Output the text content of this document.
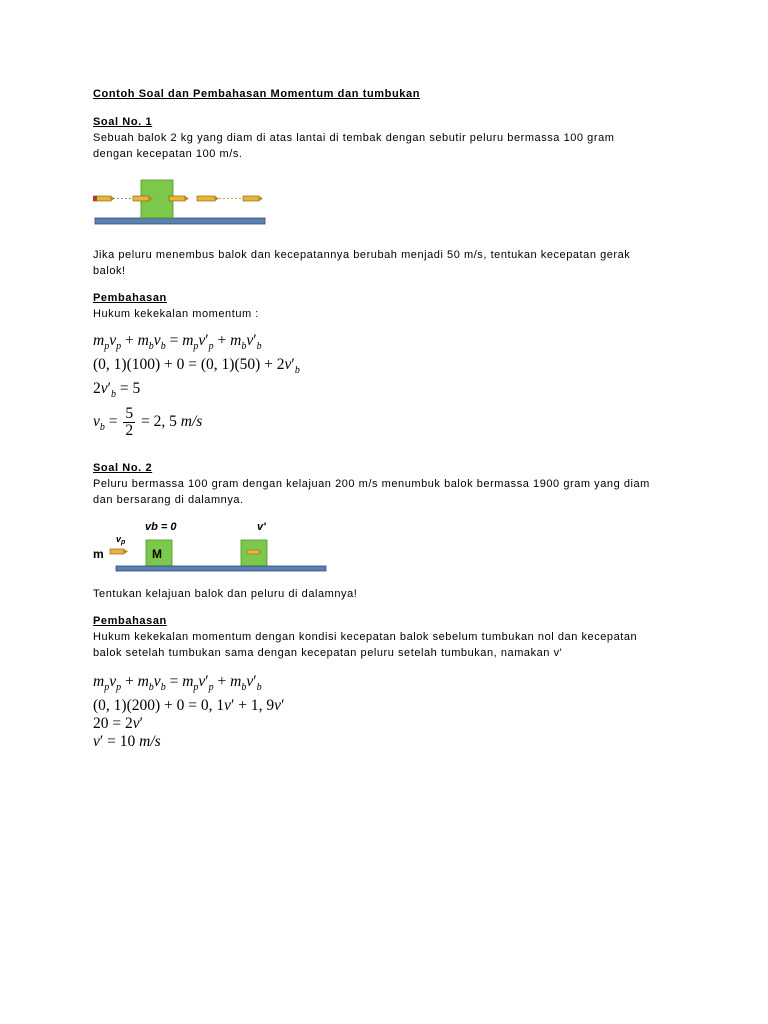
Contoh Soal dan Pembahasan Momentum dan tumbukan
Soal No. 1

Sebuah balok 2 kg yang diam di atas lantai di tembak dengan sebutir peluru bermassa 100 gram

dengan kecepatan 100 m/s.

Jika peluru menembus balok dan kecepatannya berubah menjadi 50 m/s, tentukan kecepatan gerak

balok!

Pembahasan

Hukum kekekalan momentum :

$m_pv_p + m_bv_b = m_pv'_p + m_bv'_b$

(0, 1)(100) + 0 = (0, $1)(50) + 2v'_b$

$2v'_b = 5$

$v_b = \frac{5}{2} = 2$, 5 m/s

Soal No. 2

Peluru bermassa 100 gram dengan kelajuan 200 m/s menumbuk balok bermassa 1900 gram yang diam

dan bersarang di dalamnya.

vb = 0	v'
$v_p$
m	M

Tentukan kelajuan balok dan peluru di dalamnya!

Pembahasan

Hukum kekekalan momentum dengan kondisi kecepatan balok sebelum tumbukan nol dan kecepatan

balok setelah tumbukan sama dengan kecepatan peluru setelah tumbukan, namakan v'

$m_pv_p + m_bv_b = m_pv'_p + m_bv'_b$

(0, 1)(200) + 0 = 0, 1v′ + 1, 9v′

20 = 2v′

v′ = 10 m/s
